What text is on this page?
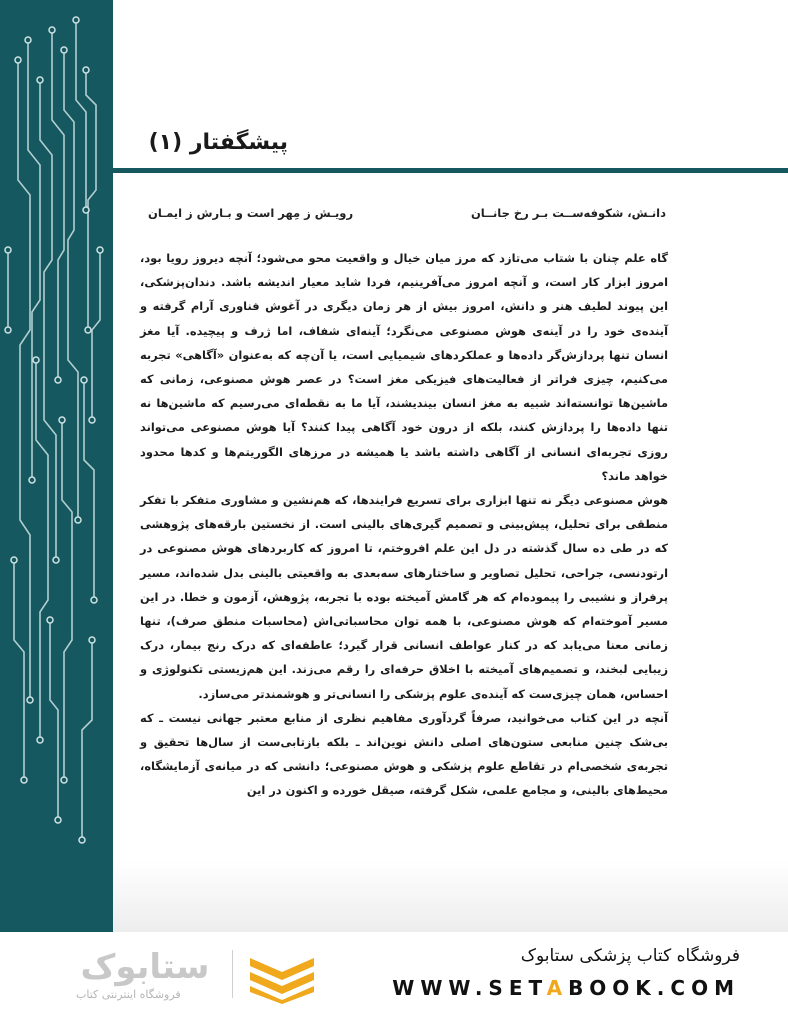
پیشگفتار (۱)
دانـش، شکوفه‌ســت بـر رخ جانــان
رویـش ز مِهر است و بـارش ز ایمـان

گاه علم چنان با شتاب می‌تازد که مرز میان خیال و واقعیت محو می‌شود؛ آنچه دیروز رویا بود، امروز ابزار کار است، و آنچه امروز می‌آفرینیم، فردا شاید معیار اندیشه باشد. دندان‌پزشکی، این پیوند لطیف هنر و دانش، امروز بیش از هر زمان دیگری در آغوش فناوری آرام گرفته و آینده‌ی خود را در آینه‌ی هوش مصنوعی می‌نگرد؛ آینه‌ای شفاف، اما ژرف و پیچیده. آیا مغز انسان تنها پردازش‌گر داده‌ها و عملکردهای شیمیایی است، یا آن‌چه که به‌عنوان «آگاهی» تجربه می‌کنیم، چیزی فراتر از فعالیت‌های فیزیکی مغز است؟ در عصر هوش مصنوعی، زمانی که ماشین‌ها توانسته‌اند شبیه به مغز انسان بیندیشند، آیا ما به نقطه‌ای می‌رسیم که ماشین‌ها نه تنها داده‌ها را پردازش کنند، بلکه از درون خود آگاهی پیدا کنند؟ آیا هوش مصنوعی می‌تواند روزی تجربه‌ای انسانی از آگاهی داشته باشد یا همیشه در مرزهای الگوریتم‌ها و کدها محدود خواهد ماند؟

هوش مصنوعی دیگر نه تنها ابزاری برای تسریع فرایندها، که هم‌نشین و مشاوری متفکر با تفکر منطقی برای تحلیل، پیش‌بینی و تصمیم گیری‌های بالینی است. از نخستین بارقه‌های پژوهشی که در طی ده سال گذشته در دل این علم افروختم، تا امروز که کاربردهای هوش مصنوعی در ارتودنسی، جراحی، تحلیل تصاویر و ساختارهای سه‌بعدی به واقعیتی بالینی بدل شده‌اند، مسیر پرفراز و نشیبی را پیموده‌ام که هر گامش آمیخته بوده با تجربه، پژوهش، آزمون و خطا. در این مسیر آموخته‌ام که هوش مصنوعی، با همه توان محاسباتی‌اش (محاسبات منطق صرف)، تنها زمانی معنا می‌یابد که در کنار عواطف انسانی قرار گیرد؛ عاطفه‌ای که درک رنج بیمار، درک زیبایی لبخند، و تصمیم‌های آمیخته با اخلاق حرفه‌ای را رقم می‌زند. این هم‌زیستی تکنولوژی و احساس، همان چیزی‌ست که آینده‌ی علوم پزشکی را انسانی‌تر و هوشمندتر می‌سازد.

آنچه در این کتاب می‌خوانید، صرفاً گردآوری مفاهیم نظری از منابع معتبر جهانی نیست ـ که بی‌شک چنین منابعی ستون‌های اصلی دانش نوین‌اند ـ بلکه بازتابی‌ست از سال‌ها تحقیق و تجربه‌ی شخصی‌ام در تقاطع علوم پزشکی و هوش مصنوعی؛ دانشی که در میانه‌ی آزمایشگاه، محیط‌های بالینی، و مجامع علمی، شکل گرفته، صیقل خورده و اکنون در این

فروشگاه کتاب پزشکی ستابوک
WWW.SETABOOK.COM
ستابوک
فروشگاه اینترنتی کتاب
